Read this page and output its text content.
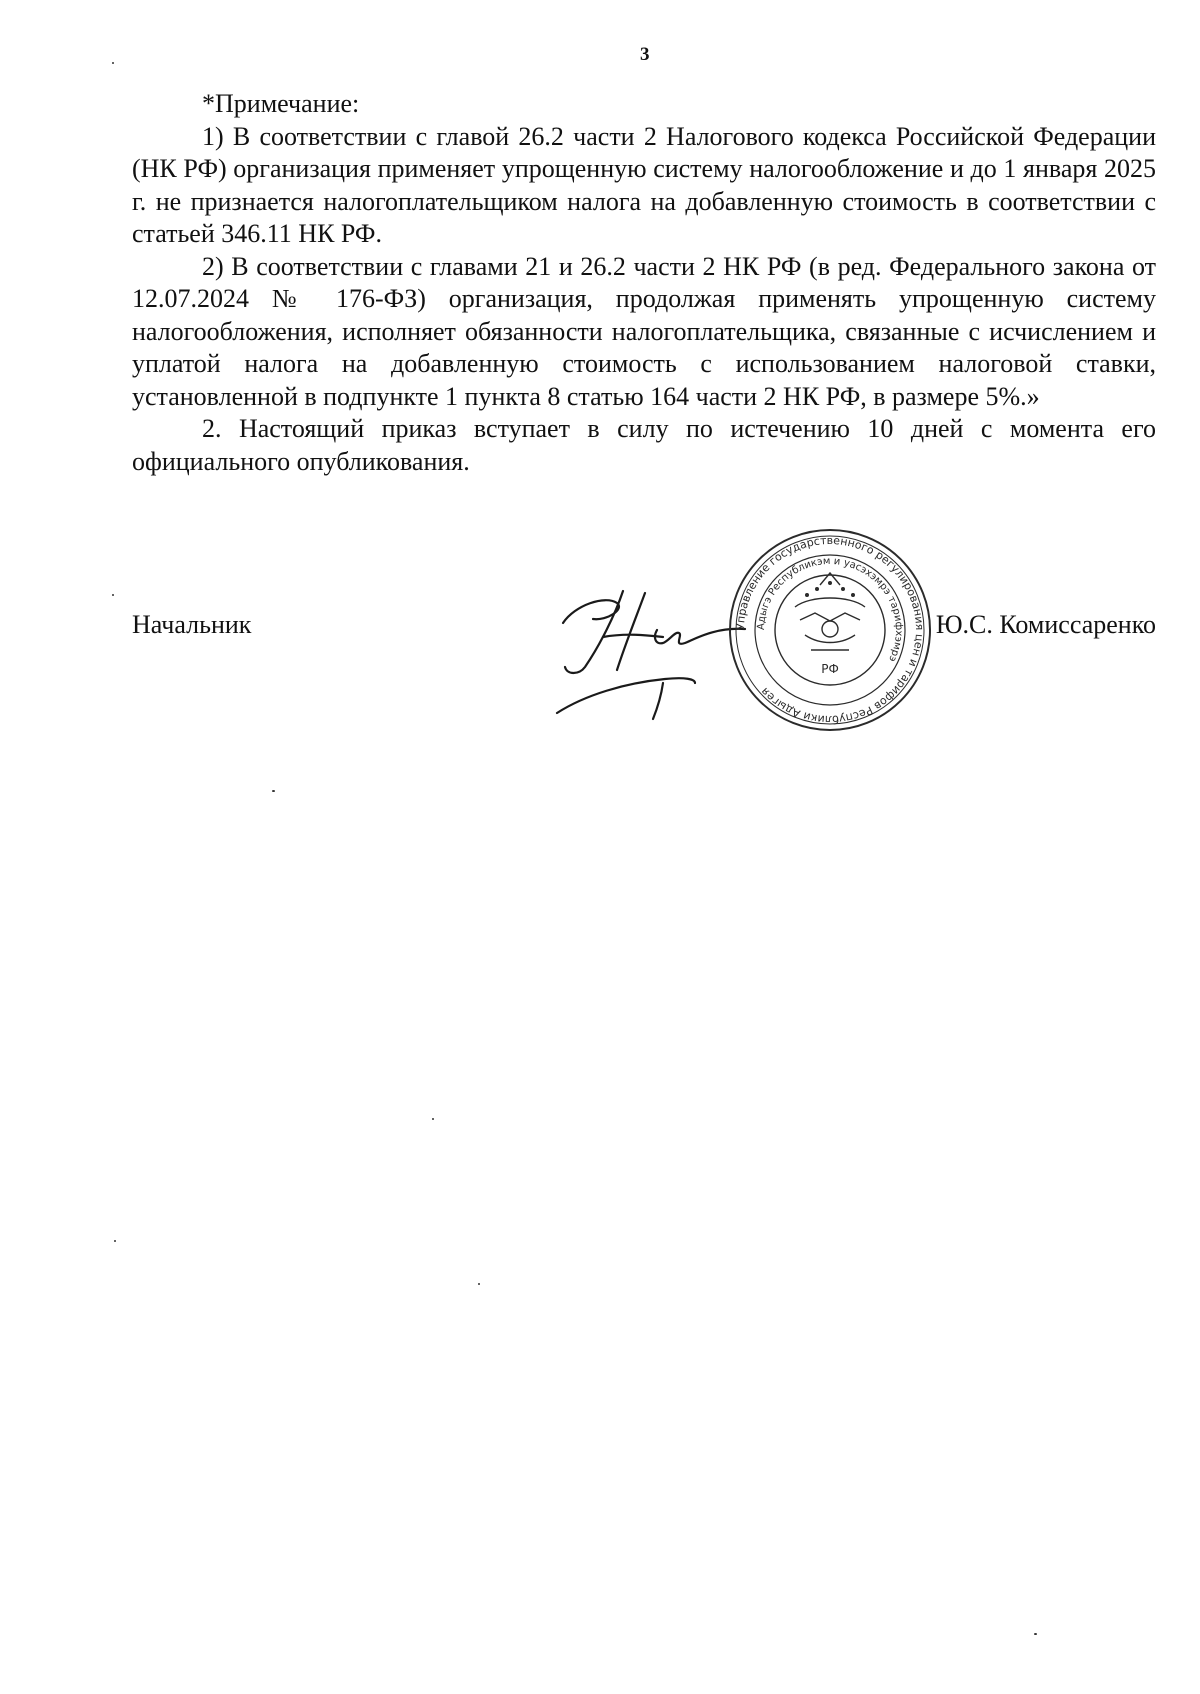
3
*Примечание:

1) В соответствии с главой 26.2 части 2 Налогового кодекса Российской Федерации (НК РФ) организация применяет упрощенную систему налогообложение и до 1 января 2025 г. не признается налогоплательщиком налога на добавленную стоимость в соответствии с статьей 346.11 НК РФ.

2) В соответствии с главами 21 и 26.2 части 2 НК РФ (в ред. Федерального закона от 12.07.2024 № 176-ФЗ) организация, продолжая применять упрощенную систему налогообложения, исполняет обязанности налогоплательщика, связанные с исчислением и уплатой налога на добавленную стоимость с использованием налоговой ставки, установленной в подпункте 1 пункта 8 статью 164 части 2 НК РФ, в размере 5%.»

2. Настоящий приказ вступает в силу по истечению 10 дней с момента его официального опубликования.

Начальник	Ю.С. Комиссаренко
Управление государственного регулирования цен и тарифов Республики Адыгея
Адыгэ Республикэм и уасэхэмрэ тарифхэмрэ
РФ
